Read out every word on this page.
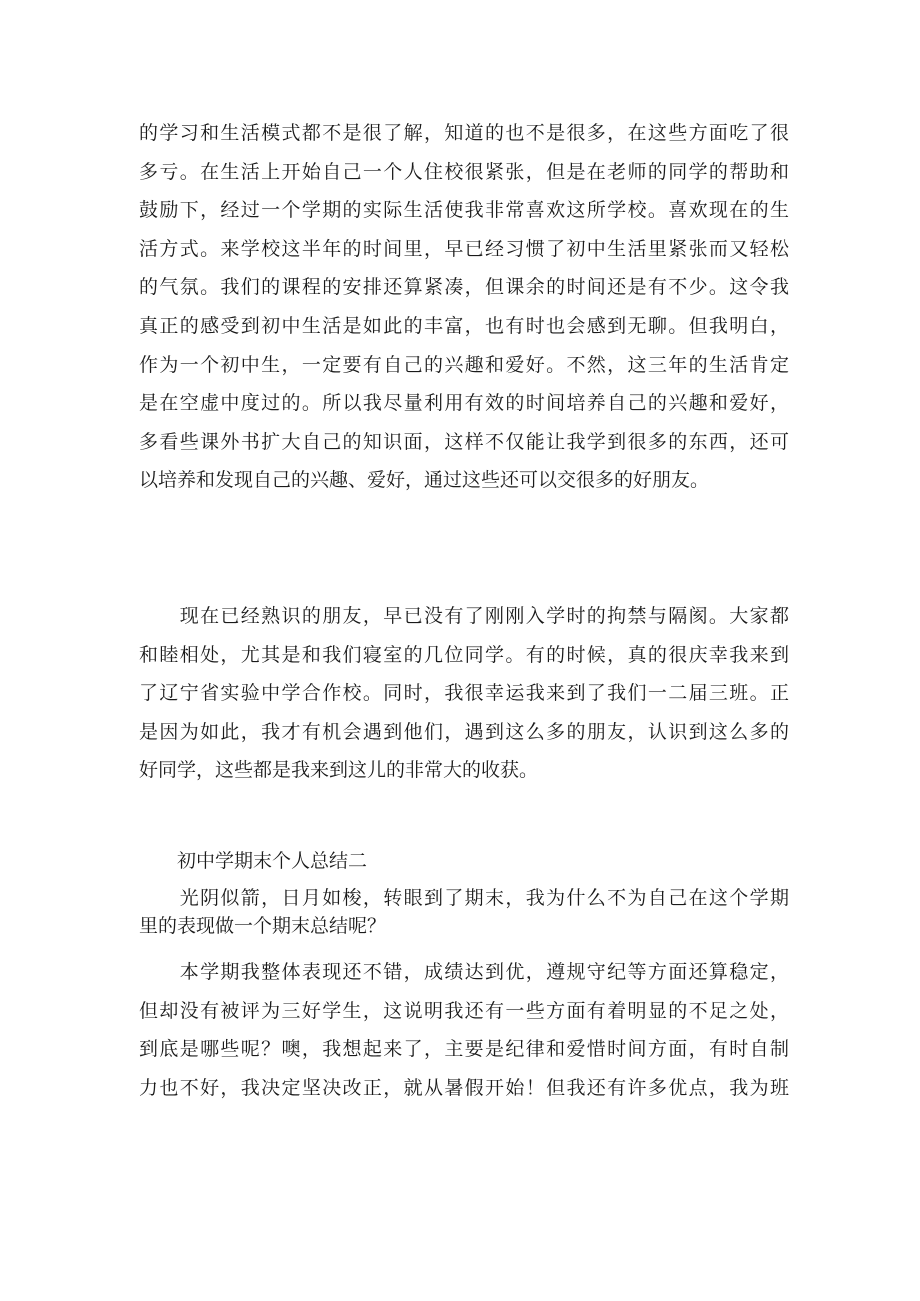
的学习和生活模式都不是很了解，知道的也不是很多，在这些方面吃了很
多亏。在生活上开始自己一个人住校很紧张，但是在老师的同学的帮助和
鼓励下，经过一个学期的实际生活使我非常喜欢这所学校。喜欢现在的生
活方式。来学校这半年的时间里，早已经习惯了初中生活里紧张而又轻松
的气氛。我们的课程的安排还算紧凑，但课余的时间还是有不少。这令我
真正的感受到初中生活是如此的丰富，也有时也会感到无聊。但我明白，
作为一个初中生，一定要有自己的兴趣和爱好。不然，这三年的生活肯定
是在空虚中度过的。所以我尽量利用有效的时间培养自己的兴趣和爱好，
多看些课外书扩大自己的知识面，这样不仅能让我学到很多的东西，还可
以培养和发现自己的兴趣、爱好，通过这些还可以交很多的好朋友。
　　现在已经熟识的朋友，早已没有了刚刚入学时的拘禁与隔阂。大家都
和睦相处，尤其是和我们寝室的几位同学。有的时候，真的很庆幸我来到
了辽宁省实验中学合作校。同时，我很幸运我来到了我们一二届三班。正
是因为如此，我才有机会遇到他们，遇到这么多的朋友，认识到这么多的
好同学，这些都是我来到这儿的非常大的收获。
　　初中学期末个人总结二
　　光阴似箭，日月如梭，转眼到了期末，我为什么不为自己在这个学期
里的表现做一个期末总结呢？
　　本学期我整体表现还不错，成绩达到优，遵规守纪等方面还算稳定，
但却没有被评为三好学生，这说明我还有一些方面有着明显的不足之处，
到底是哪些呢？噢，我想起来了，主要是纪律和爱惜时间方面，有时自制
力也不好，我决定坚决改正，就从暑假开始！但我还有许多优点，我为班
